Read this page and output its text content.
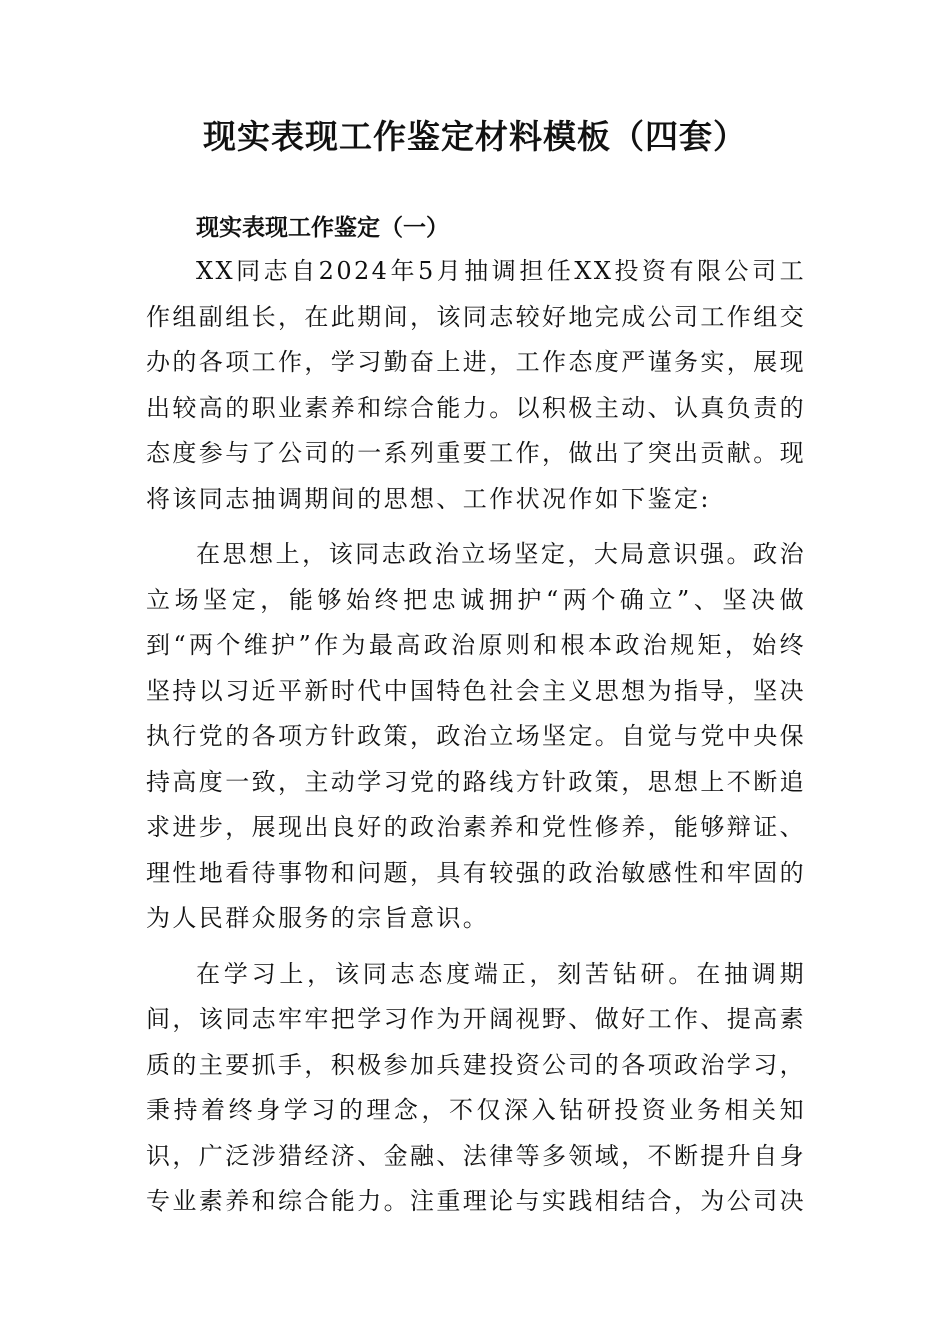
现实表现工作鉴定材料模板（四套）
现实表现工作鉴定（一）

XX同志自2024年5月抽调担任XX投资有限公司工作组副组长，在此期间，该同志较好地完成公司工作组交办的各项工作，学习勤奋上进，工作态度严谨务实，展现出较高的职业素养和综合能力。以积极主动、认真负责的态度参与了公司的一系列重要工作，做出了突出贡献。现将该同志抽调期间的思想、工作状况作如下鉴定:

在思想上，该同志政治立场坚定，大局意识强。政治立场坚定，能够始终把忠诚拥护“两个确立”、坚决做到“两个维护”作为最高政治原则和根本政治规矩，始终坚持以习近平新时代中国特色社会主义思想为指导，坚决执行党的各项方针政策，政治立场坚定。自觉与党中央保持高度一致，主动学习党的路线方针政策，思想上不断追求进步，展现出良好的政治素养和党性修养，能够辩证、理性地看待事物和问题，具有较强的政治敏感性和牢固的为人民群众服务的宗旨意识。

在学习上，该同志态度端正，刻苦钻研。在抽调期间，该同志牢牢把学习作为开阔视野、做好工作、提高素质的主要抓手，积极参加兵建投资公司的各项政治学习，秉持着终身学习的理念，不仅深入钻研投资业务相关知识，广泛涉猎经济、金融、法律等多领域，不断提升自身专业素养和综合能力。注重理论与实践相结合，为公司决
